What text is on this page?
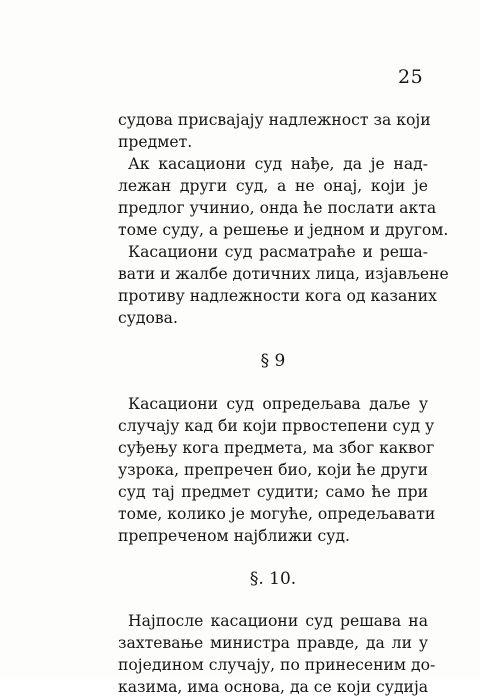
25
судова присвајају надлежност за који
предмет.
Ак касациони суд нађе, да је над-
лежан други суд, а не онај, који је
предлог учинио, онда ће послати акта
томе суду, а решење и једном и другом.
Касациони суд расматраће и реша-
вати и жалбе дотичних лица, изјављене
противу надлежности кога од казаних
судова.
§ 9
Касациони суд опредељава даље у
случају кад би који првостепени суд у
суђењу кога предмета, ма због каквог
узрока, препречен био, који ће други
суд тај предмет судити; само ће при
томе, колико је могуће, опредељавати
препреченом најближи суд.
§. 10.
Најпосле касациони суд решава на
захтевање министра правде, да ли у
поједином случају, по принесеним до-
казима, има основа, да се који судија
